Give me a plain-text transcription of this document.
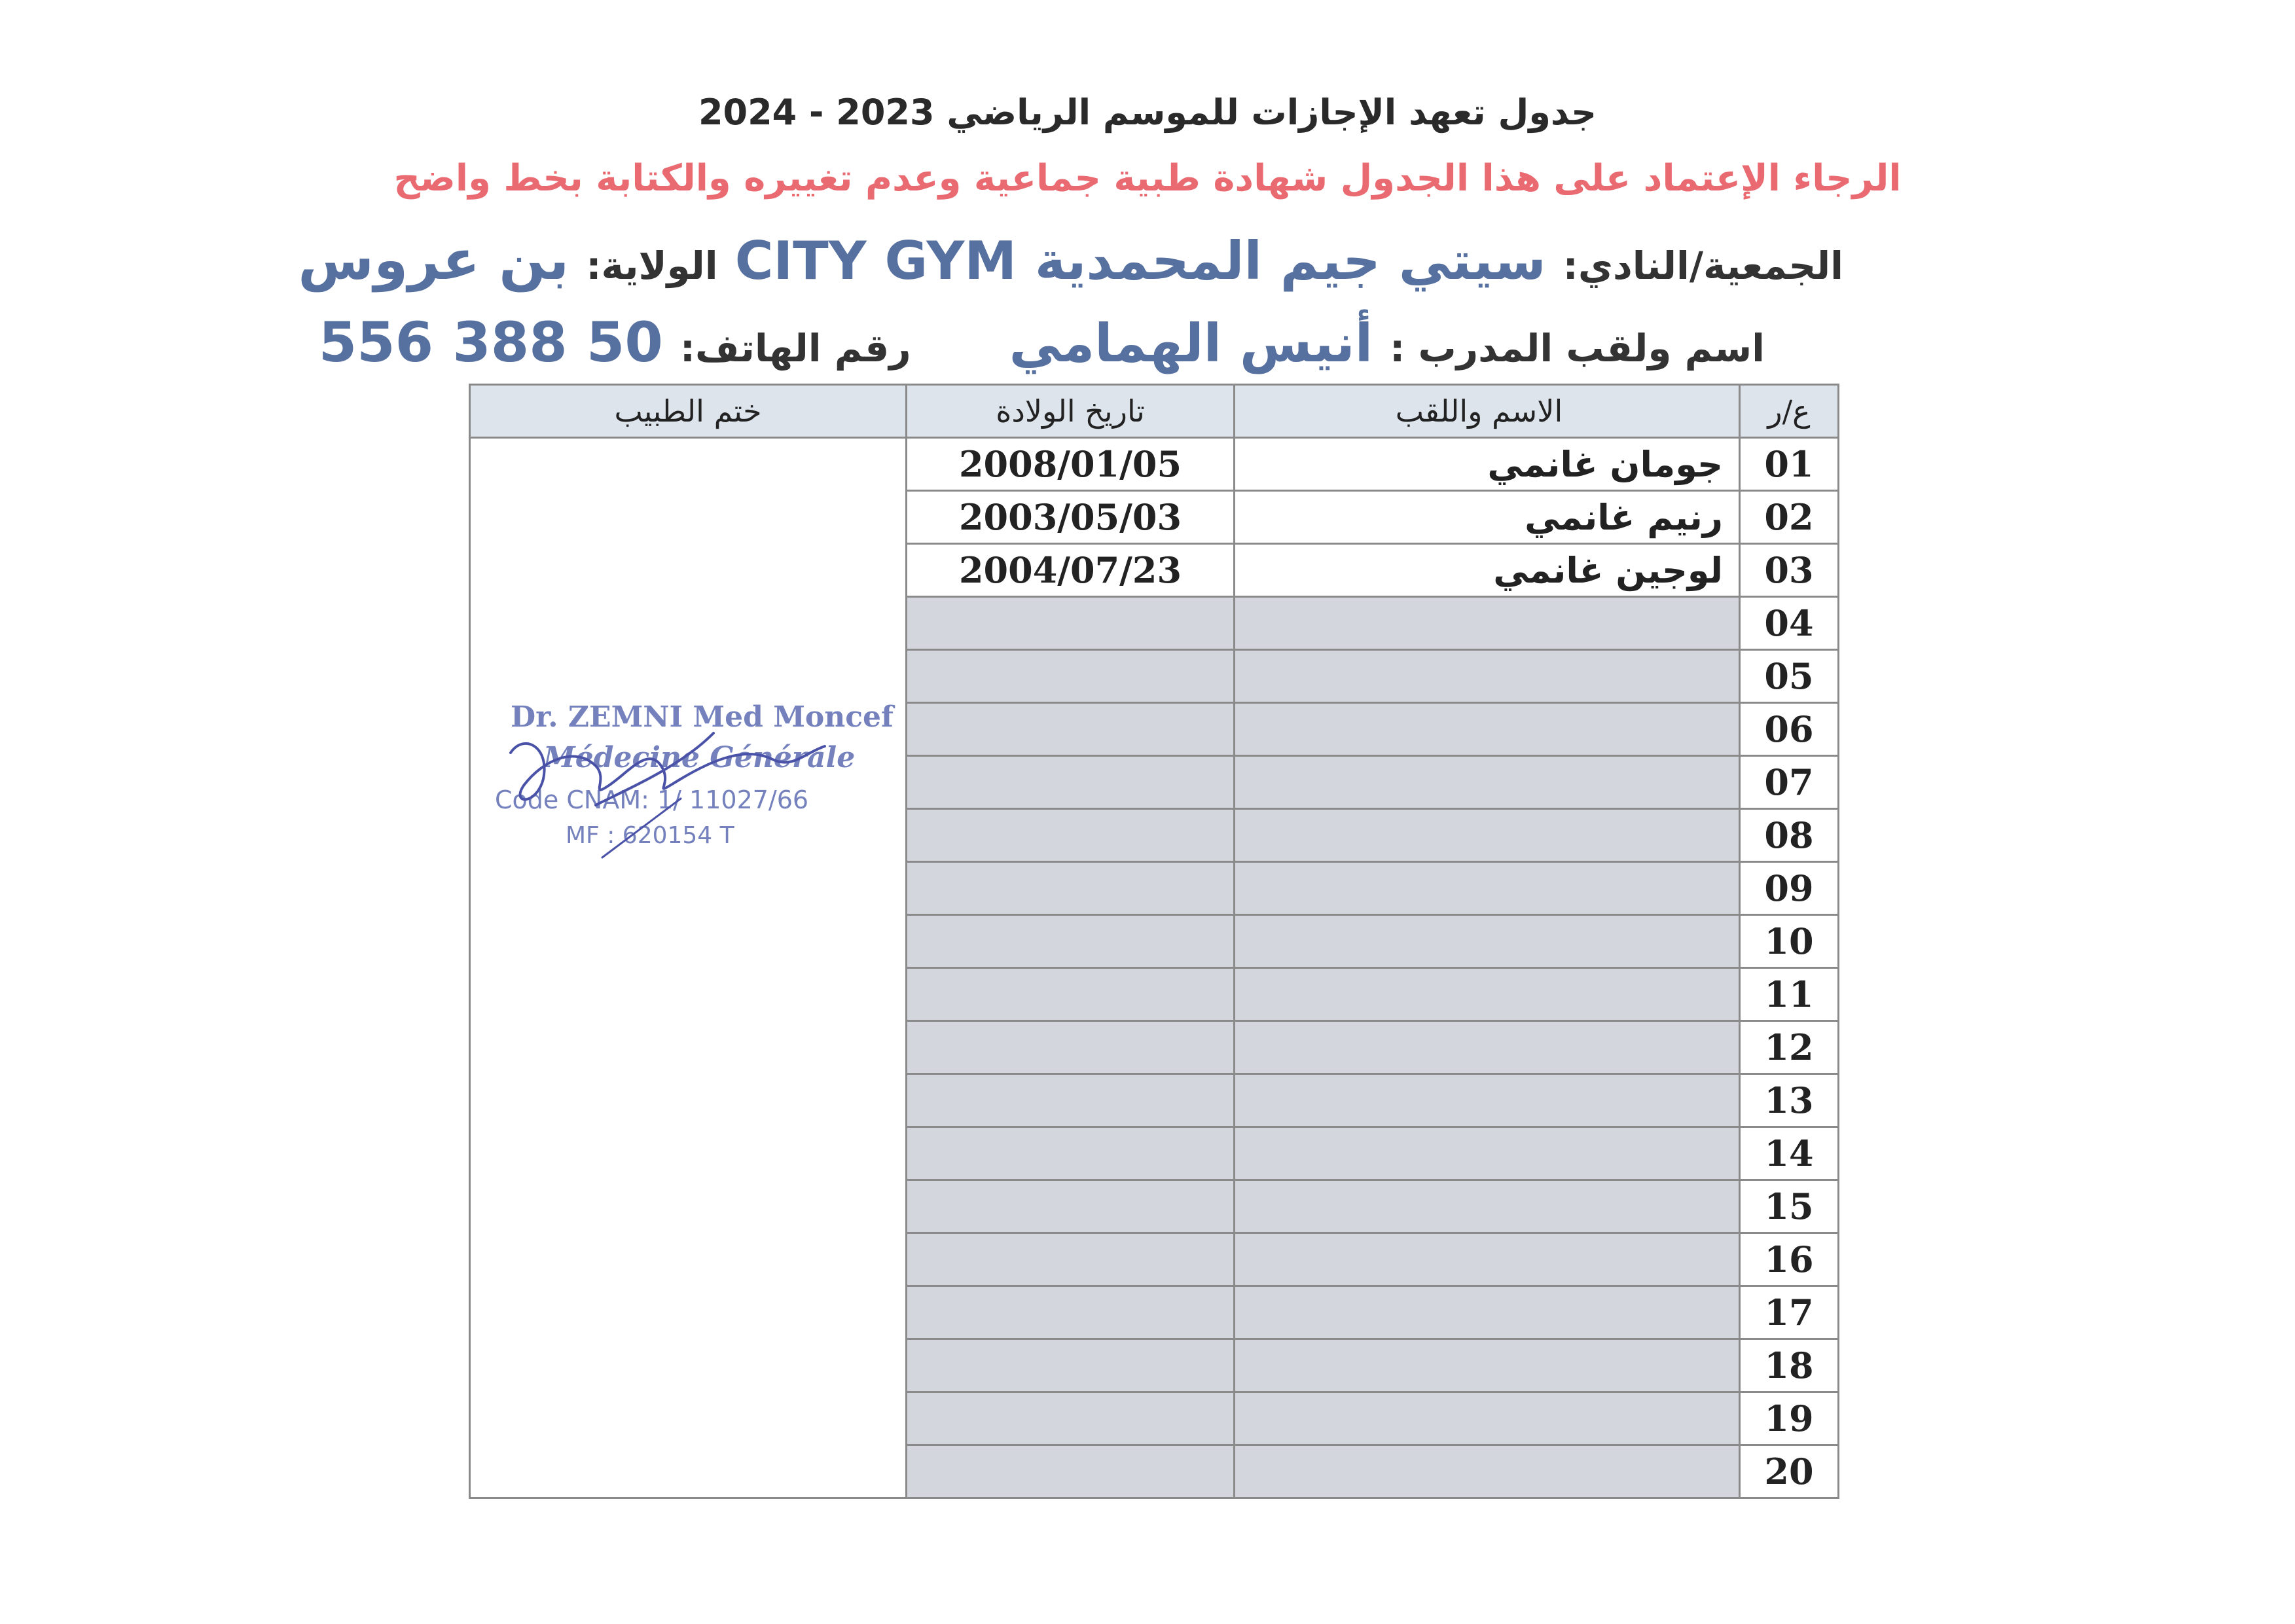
جدول تعهد الإجازات للموسم الرياضي 2023 - 2024
الرجاء الإعتماد على هذا الجدول شهادة طبية جماعية وعدم تغييره والكتابة بخط واضح
الجمعية/النادي:سيتي جيم المحمدية CITY GYMالولاية:بن عروس
اسم ولقب المدرب :أنيس الهماميرقم الهاتف:50 388 556
ع/ر	الاسم واللقب	تاريخ الولادة	ختم الطبيب
01	جومان غانمي	2008/01/05	
02	رنيم غانمي	2003/05/03	
03	لوجين غانمي	2004/07/23	
04			
05			
06			
07			
08			
09			
10			
11			
12			
13			
14			
15			
16			
17			
18			
19			
20			
Dr. ZEMNI Med Moncef
Médecine Générale
Code CNAM: 1/ 11027/66
MF : 620154 T
